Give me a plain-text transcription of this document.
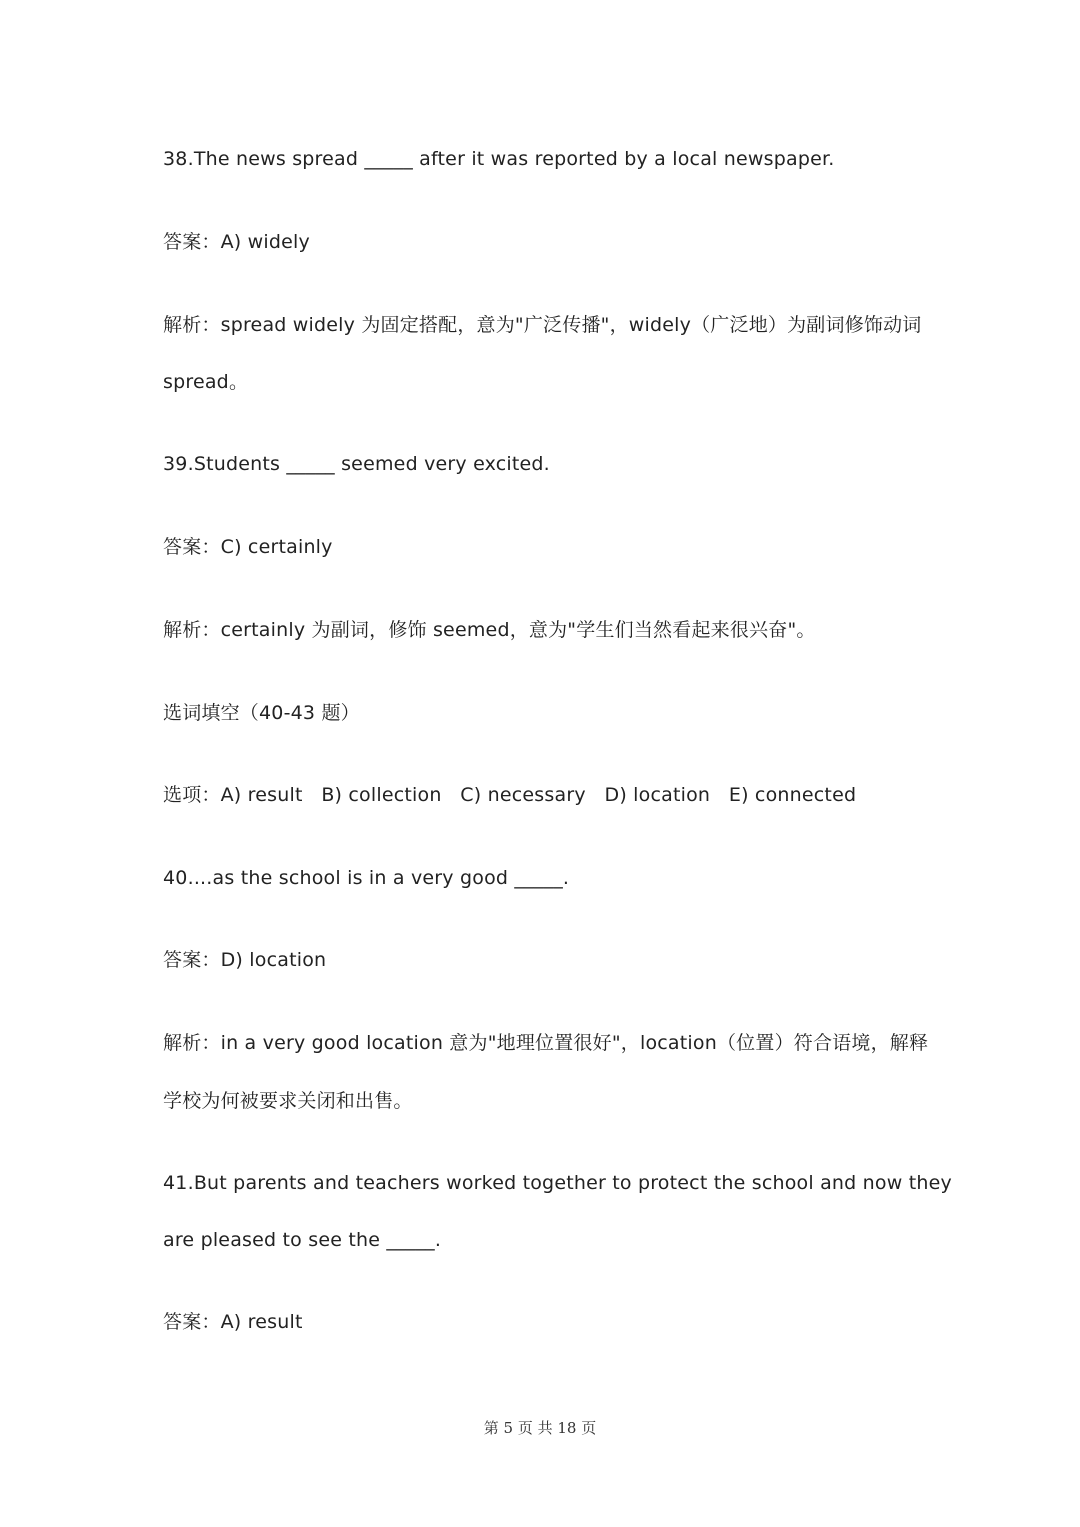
38.The news spread _____ after it was reported by a local newspaper.
答案：A) widely
解析：spread widely 为固定搭配，意为"广泛传播"，widely（广泛地）为副词修饰动词
spread。
39.Students _____ seemed very excited.
答案：C) certainly
解析：certainly 为副词，修饰 seemed，意为"学生们当然看起来很兴奋"。
选词填空（40-43 题）
选项：A) result   B) collection   C) necessary   D) location   E) connected
40....as the school is in a very good _____.
答案：D) location
解析：in a very good location 意为"地理位置很好"，location（位置）符合语境，解释
学校为何被要求关闭和出售。
41.But parents and teachers worked together to protect the school and now they
are pleased to see the _____.
答案：A) result
第 5 页 共 18 页
